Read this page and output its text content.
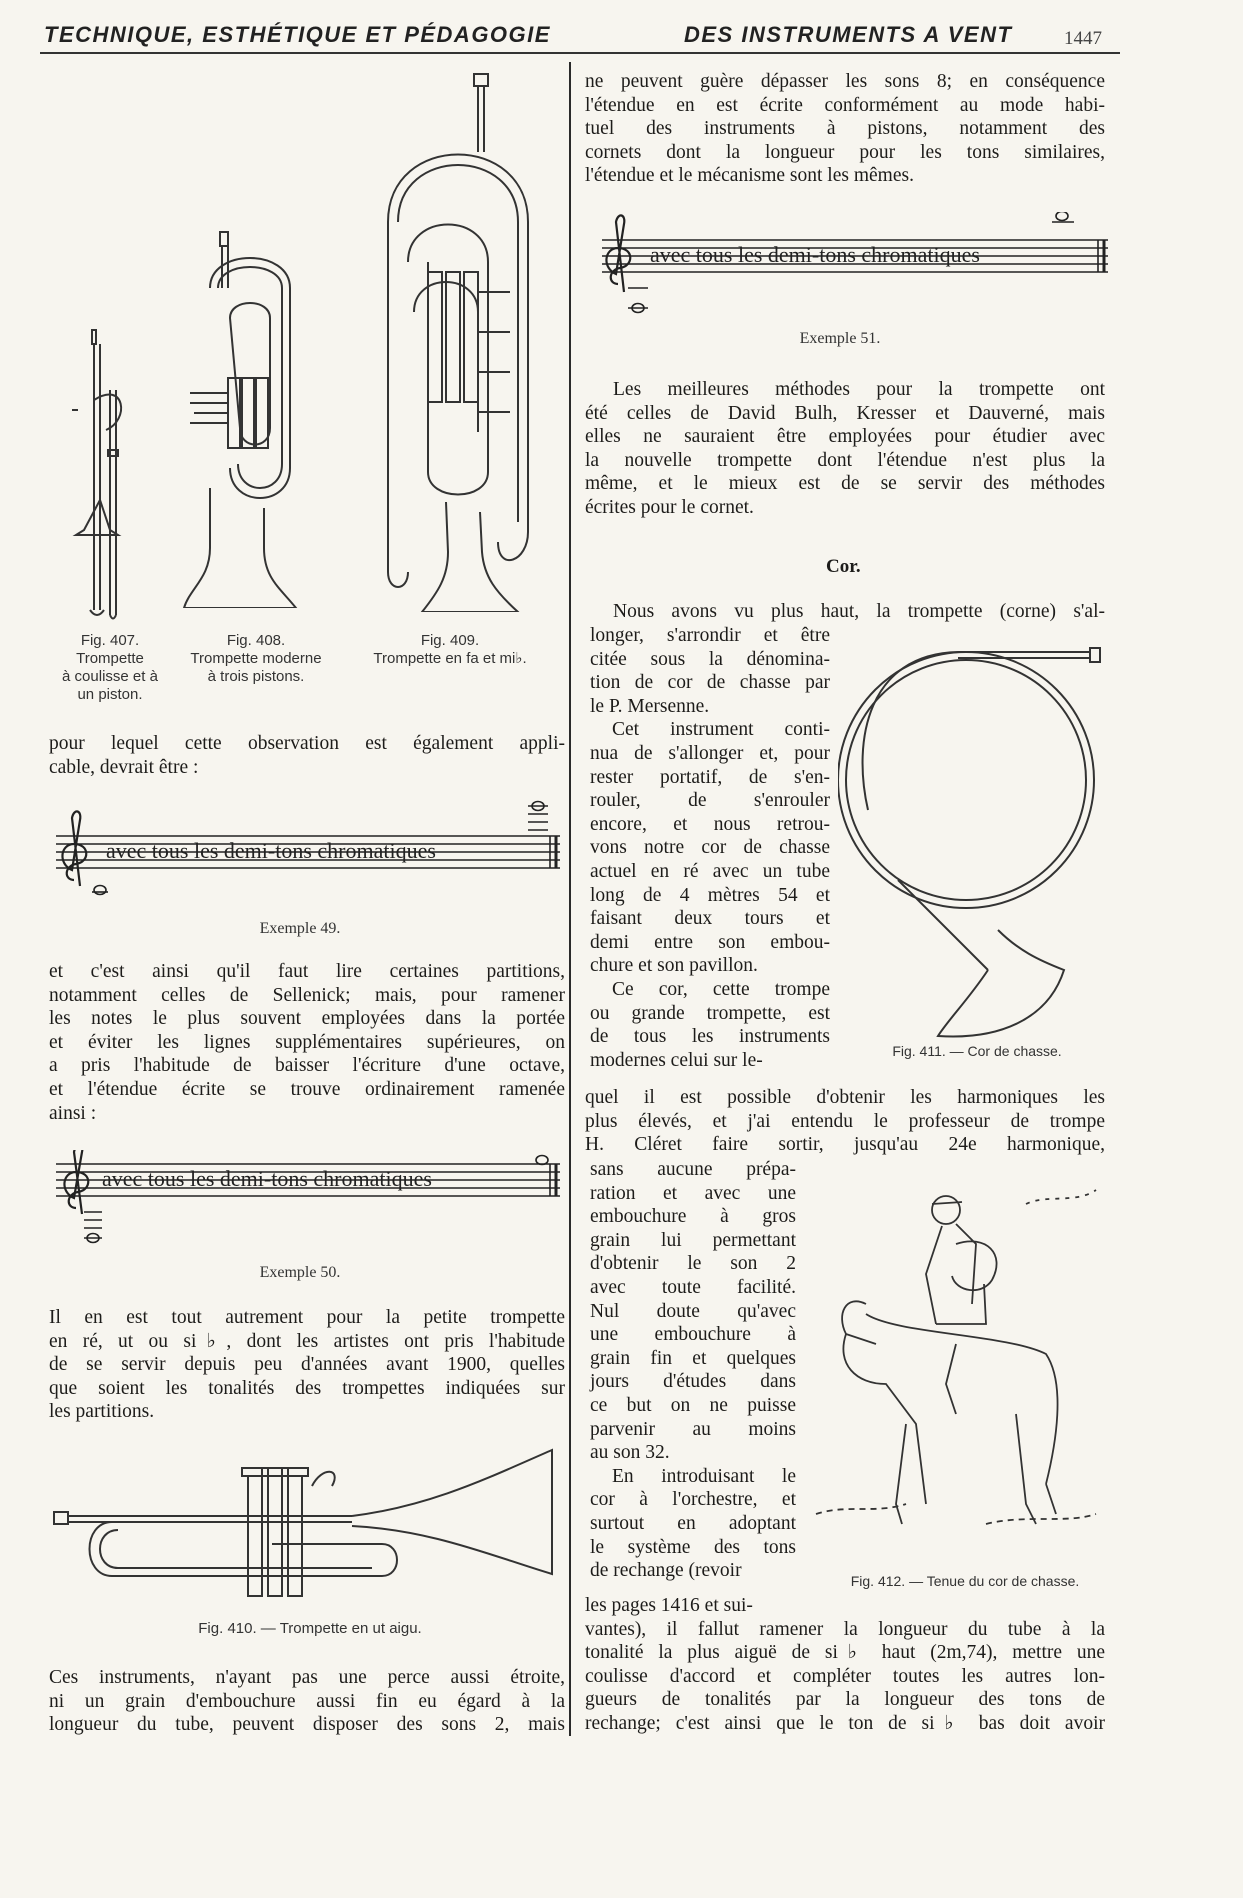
TECHNIQUE, ESTHÉTIQUE ET PÉDAGOGIE	DES INSTRUMENTS A VENT	1447
Fig. 407.
Trompette
à coulisse et à
un piston.
Fig. 408.
Trompette moderne
à trois pistons.
Fig. 409.
Trompette en fa et mi♭.
pour lequel cette observation est également appli-
cable, devrait être :
avec tous les demi-tons chromatiques
Exemple 49.
et c'est ainsi qu'il faut lire certaines partitions,
notamment celles de Sellenick; mais, pour ramener
les notes le plus souvent employées dans la portée
et éviter les lignes supplémentaires supérieures, on
a pris l'habitude de baisser l'écriture d'une octave,
et l'étendue écrite se trouve ordinairement ramenée
ainsi :
avec tous les demi-tons chromatiques
Exemple 50.
Il en est tout autrement pour la petite trompette
en ré, ut ou si♭, dont les artistes ont pris l'habitude
de se servir depuis peu d'années avant 1900, quelles
que soient les tonalités des trompettes indiquées sur
les partitions.
Fig. 410. — Trompette en ut aigu.
Ces instruments, n'ayant pas une perce aussi étroite,
ni un grain d'embouchure aussi fin eu égard à la
longueur du tube, peuvent disposer des sons 2, mais
ne peuvent guère dépasser les sons 8; en conséquence
l'étendue en est écrite conformément au mode habi-
tuel des instruments à pistons, notamment des
cornets dont la longueur pour les tons similaires,
l'étendue et le mécanisme sont les mêmes.
avec tous les demi-tons chromatiques
Exemple 51.
Les meilleures méthodes pour la trompette ont
été celles de David Bulh, Kresser et Dauverné, mais
elles ne sauraient être employées pour étudier avec
la nouvelle trompette dont l'étendue n'est plus la
même, et le mieux est de se servir des méthodes
écrites pour le cornet.
Cor.
Nous avons vu plus haut, la trompette (corne) s'al-
longer, s'arrondir et être
citée sous la dénomina-
tion de cor de chasse par
le P. Mersenne.
Cet instrument conti-
nua de s'allonger et, pour
rester portatif, de s'en-
rouler, de s'enrouler
encore, et nous retrou-
vons notre cor de chasse
actuel en ré avec un tube
long de 4 mètres 54 et
faisant deux tours et
demi entre son embou-
chure et son pavillon.
Ce cor, cette trompe
ou grande trompette, est
de tous les instruments
modernes celui sur le-	Fig. 411. — Cor de chasse.
quel il est possible d'obtenir les harmoniques les
plus élevés, et j'ai entendu le professeur de trompe
H. Cléret faire sortir, jusqu'au 24e harmonique,
sans aucune prépa-
ration et avec une
embouchure à gros
grain lui permettant
d'obtenir le son 2
avec toute facilité.
Nul doute qu'avec
une embouchure à
grain fin et quelques
jours d'études dans
ce but on ne puisse
parvenir au moins
au son 32.
En introduisant le
cor à l'orchestre, et
surtout en adoptant
le système des tons
de rechange (revoir	Fig. 412. — Tenue du cor de chasse.
les pages 1416 et sui-
vantes), il fallut ramener la longueur du tube à la
tonalité la plus aiguë de si♭ haut (2m,74), mettre une
coulisse d'accord et compléter toutes les autres lon-
gueurs de tonalités par la longueur des tons de
rechange; c'est ainsi que le ton de si♭ bas doit avoir
